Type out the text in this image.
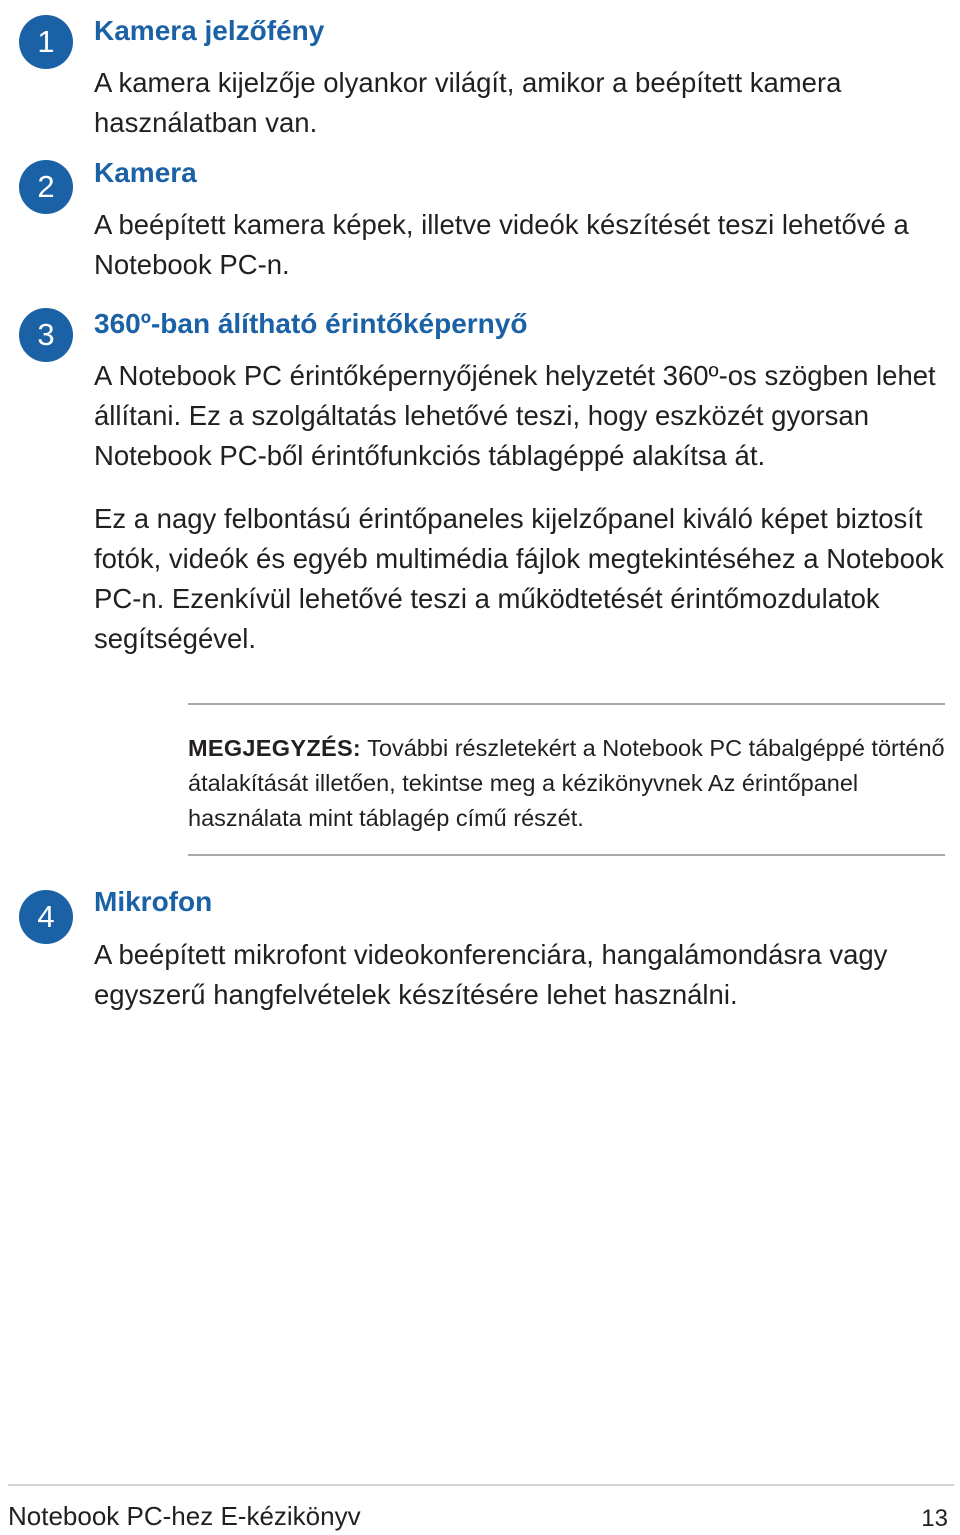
1	Kamera jelzőfény

A kamera kijelzője olyankor világít, amikor a beépített kamera használatban van.

2	Kamera

A beépített kamera képek, illetve videók készítését teszi lehetővé a Notebook PC-n.

3	360º-ban álítható érintőképernyő

A Notebook PC érintőképernyőjének helyzetét 360º-os szögben lehet állítani. Ez a szolgáltatás lehetővé teszi, hogy eszközét gyorsan Notebook PC-ből érintőfunkciós táblagéppé alakítsa át.

Ez a nagy felbontású érintőpaneles kijelzőpanel kiváló képet biztosít fotók, videók és egyéb multimédia fájlok megtekintéséhez a Notebook PC-n. Ezenkívül lehetővé teszi a működtetését érintőmozdulatok segítségével.

MEGJEGYZÉS: További részletekért a Notebook PC tábalgéppé történő átalakítását illetően, tekintse meg a kézikönyvnek Az érintőpanel használata mint táblagép című részét.

4	Mikrofon

A beépített mikrofont videokonferenciára, hangalámondásra vagy egyszerű hangfelvételek készítésére lehet használni.

Notebook PC-hez E-kézikönyv	13
